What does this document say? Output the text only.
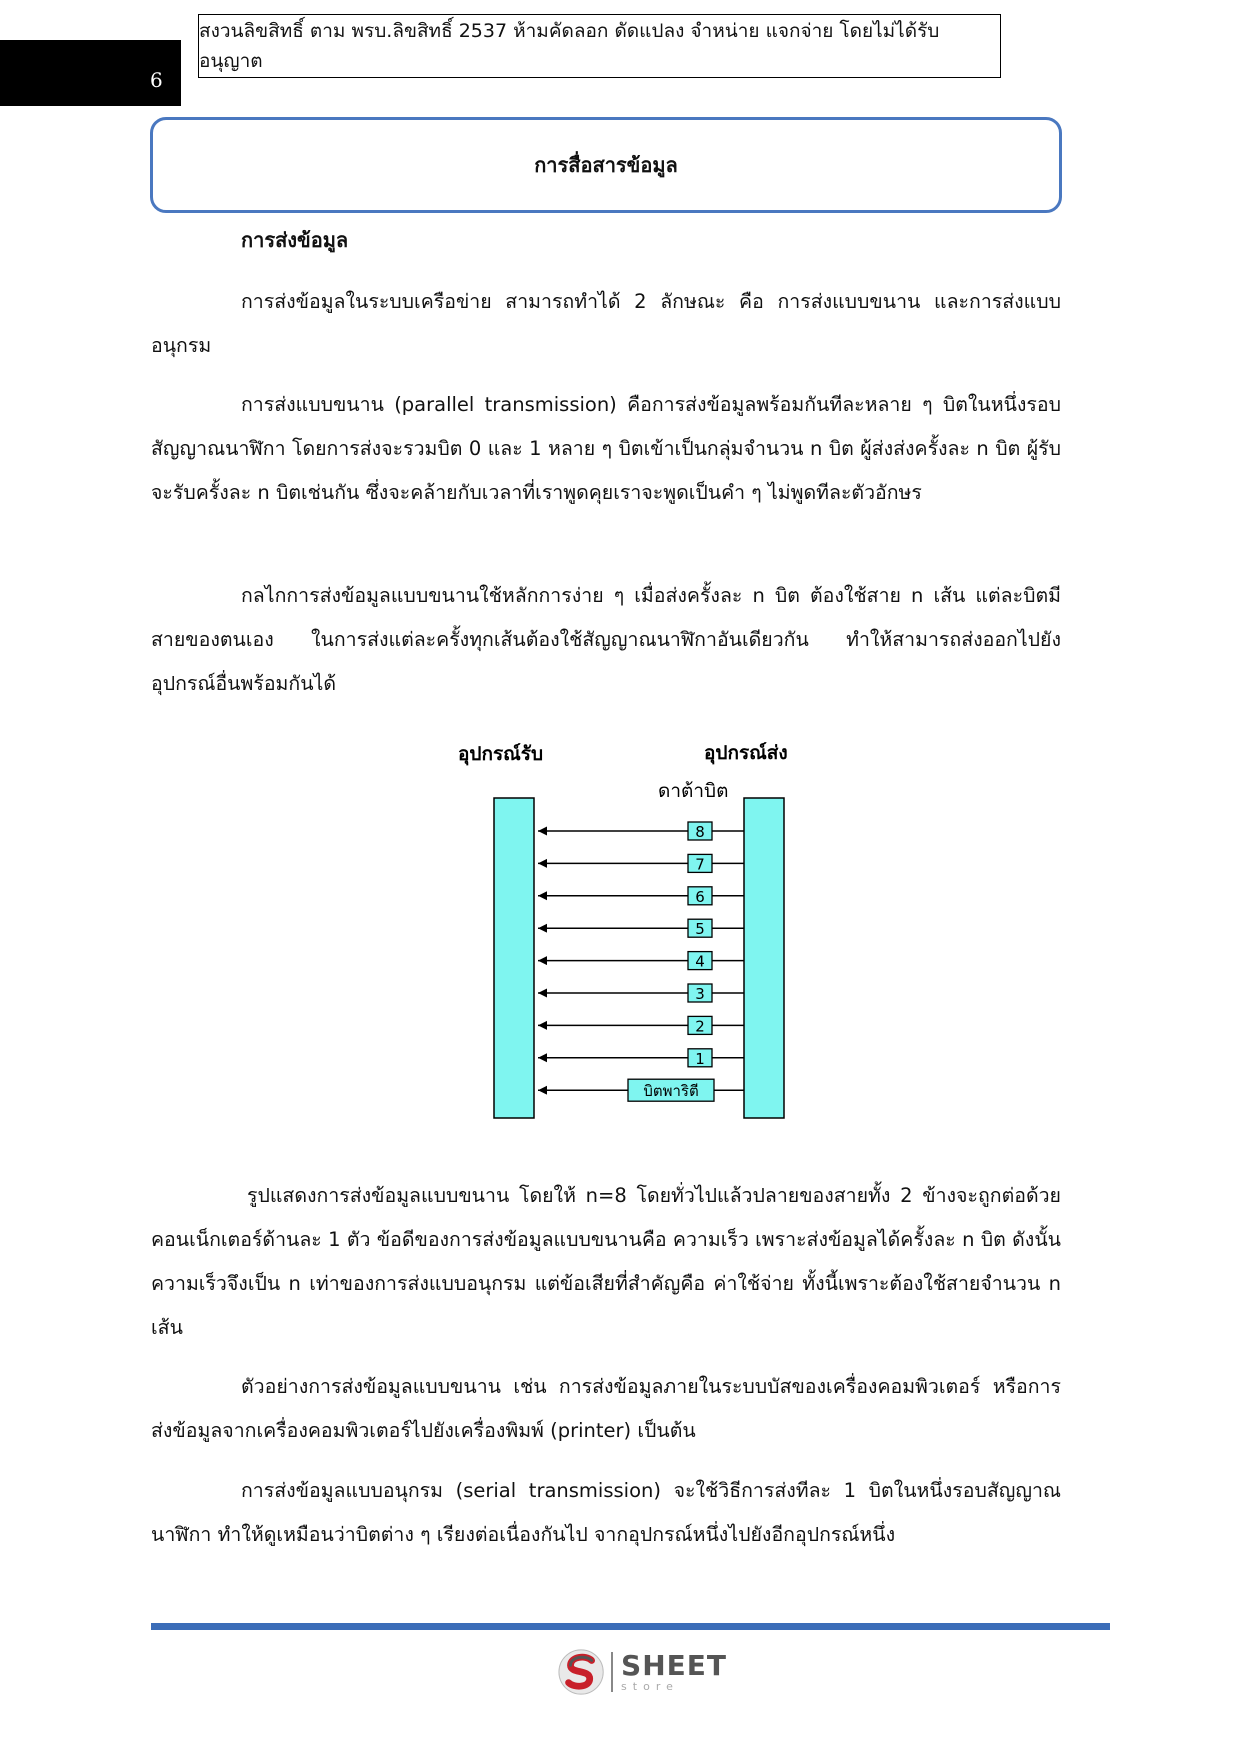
6
สงวนลิขสิทธิ์ ตาม พรบ.ลิขสิทธิ์ 2537 ห้ามคัดลอก ดัดแปลง จำหน่าย แจกจ่าย โดยไม่ได้รับอนุญาต
การสื่อสารข้อมูล
การส่งข้อมูล

การส่งข้อมูลในระบบเครือข่าย สามารถทำได้ 2 ลักษณะ คือ การส่งแบบขนาน และการส่งแบบอนุกรม

การส่งแบบขนาน (parallel transmission) คือการส่งข้อมูลพร้อมกันทีละหลาย ๆ บิตในหนึ่งรอบสัญญาณนาฬิกา โดยการส่งจะรวมบิต 0 และ 1 หลาย ๆ บิตเข้าเป็นกลุ่มจำนวน n บิต ผู้ส่งส่งครั้งละ n บิต ผู้รับจะรับครั้งละ n บิตเช่นกัน ซึ่งจะคล้ายกับเวลาที่เราพูดคุยเราจะพูดเป็นคำ ๆ ไม่พูดทีละตัวอักษร

กลไกการส่งข้อมูลแบบขนานใช้หลักการง่าย ๆ เมื่อส่งครั้งละ n บิต ต้องใช้สาย n เส้น แต่ละบิตมีสายของตนเอง ในการส่งแต่ละครั้งทุกเส้นต้องใช้สัญญาณนาฬิกาอันเดียวกัน ทำให้สามารถส่งออกไปยังอุปกรณ์อื่นพร้อมกันได้

อุปกรณ์รับ	อุปกรณ์ส่ง
ดาต้าบิต
8
7
6
5
4
3
2
1
บิตพาริตี

รูปแสดงการส่งข้อมูลแบบขนาน โดยให้ n=8 โดยทั่วไปแล้วปลายของสายทั้ง 2 ข้างจะถูกต่อด้วยคอนเน็กเตอร์ด้านละ 1 ตัว ข้อดีของการส่งข้อมูลแบบขนานคือ ความเร็ว เพราะส่งข้อมูลได้ครั้งละ n บิต ดังนั้น ความเร็วจึงเป็น n เท่าของการส่งแบบอนุกรม แต่ข้อเสียที่สำคัญคือ ค่าใช้จ่าย ทั้งนี้เพราะต้องใช้สายจำนวน n เส้น

ตัวอย่างการส่งข้อมูลแบบขนาน เช่น การส่งข้อมูลภายในระบบบัสของเครื่องคอมพิวเตอร์ หรือการส่งข้อมูลจากเครื่องคอมพิวเตอร์ไปยังเครื่องพิมพ์ (printer) เป็นต้น

การส่งข้อมูลแบบอนุกรม (serial transmission) จะใช้วิธีการส่งทีละ 1 บิตในหนึ่งรอบสัญญาณนาฬิกา ทำให้ดูเหมือนว่าบิตต่าง ๆ เรียงต่อเนื่องกันไป จากอุปกรณ์หนึ่งไปยังอีกอุปกรณ์หนึ่ง

SHEET
store
